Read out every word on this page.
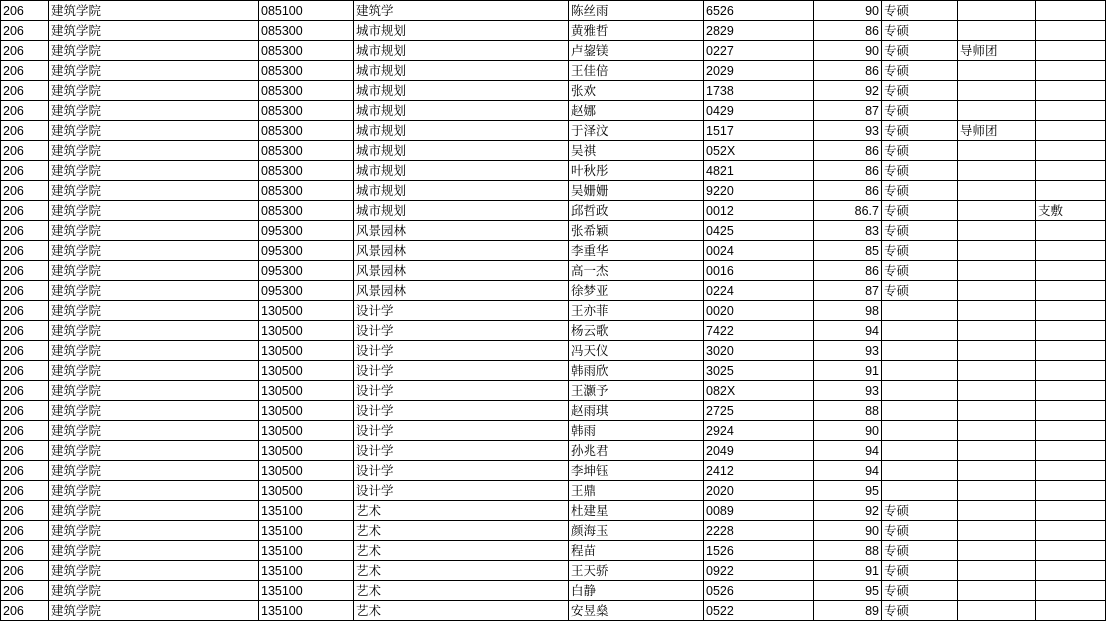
206	建筑学院	085100	建筑学	陈丝雨	6526	90	专硕		
206	建筑学院	085300	城市规划	黄雅哲	2829	86	专硕		
206	建筑学院	085300	城市规划	卢鋆镁	0227	90	专硕	导师团	
206	建筑学院	085300	城市规划	王佳倍	2029	86	专硕		
206	建筑学院	085300	城市规划	张欢	1738	92	专硕		
206	建筑学院	085300	城市规划	赵娜	0429	87	专硕		
206	建筑学院	085300	城市规划	于泽汶	1517	93	专硕	导师团	
206	建筑学院	085300	城市规划	吴祺	052X	86	专硕		
206	建筑学院	085300	城市规划	叶秋彤	4821	86	专硕		
206	建筑学院	085300	城市规划	吴姗姗	9220	86	专硕		
206	建筑学院	085300	城市规划	邱哲政	0012	86.7	专硕		支敷
206	建筑学院	095300	风景园林	张希颖	0425	83	专硕		
206	建筑学院	095300	风景园林	李重华	0024	85	专硕		
206	建筑学院	095300	风景园林	高一杰	0016	86	专硕		
206	建筑学院	095300	风景园林	徐梦亚	0224	87	专硕		
206	建筑学院	130500	设计学	王亦菲	0020	98			
206	建筑学院	130500	设计学	杨云歌	7422	94			
206	建筑学院	130500	设计学	冯天仪	3020	93			
206	建筑学院	130500	设计学	韩雨欣	3025	91			
206	建筑学院	130500	设计学	王灏予	082X	93			
206	建筑学院	130500	设计学	赵雨琪	2725	88			
206	建筑学院	130500	设计学	韩雨	2924	90			
206	建筑学院	130500	设计学	孙兆君	2049	94			
206	建筑学院	130500	设计学	李坤钰	2412	94			
206	建筑学院	130500	设计学	王鼎	2020	95			
206	建筑学院	135100	艺术	杜建星	0089	92	专硕		
206	建筑学院	135100	艺术	颜海玉	2228	90	专硕		
206	建筑学院	135100	艺术	程苗	1526	88	专硕		
206	建筑学院	135100	艺术	王天骄	0922	91	专硕		
206	建筑学院	135100	艺术	白静	0526	95	专硕		
206	建筑学院	135100	艺术	安昱燊	0522	89	专硕		
